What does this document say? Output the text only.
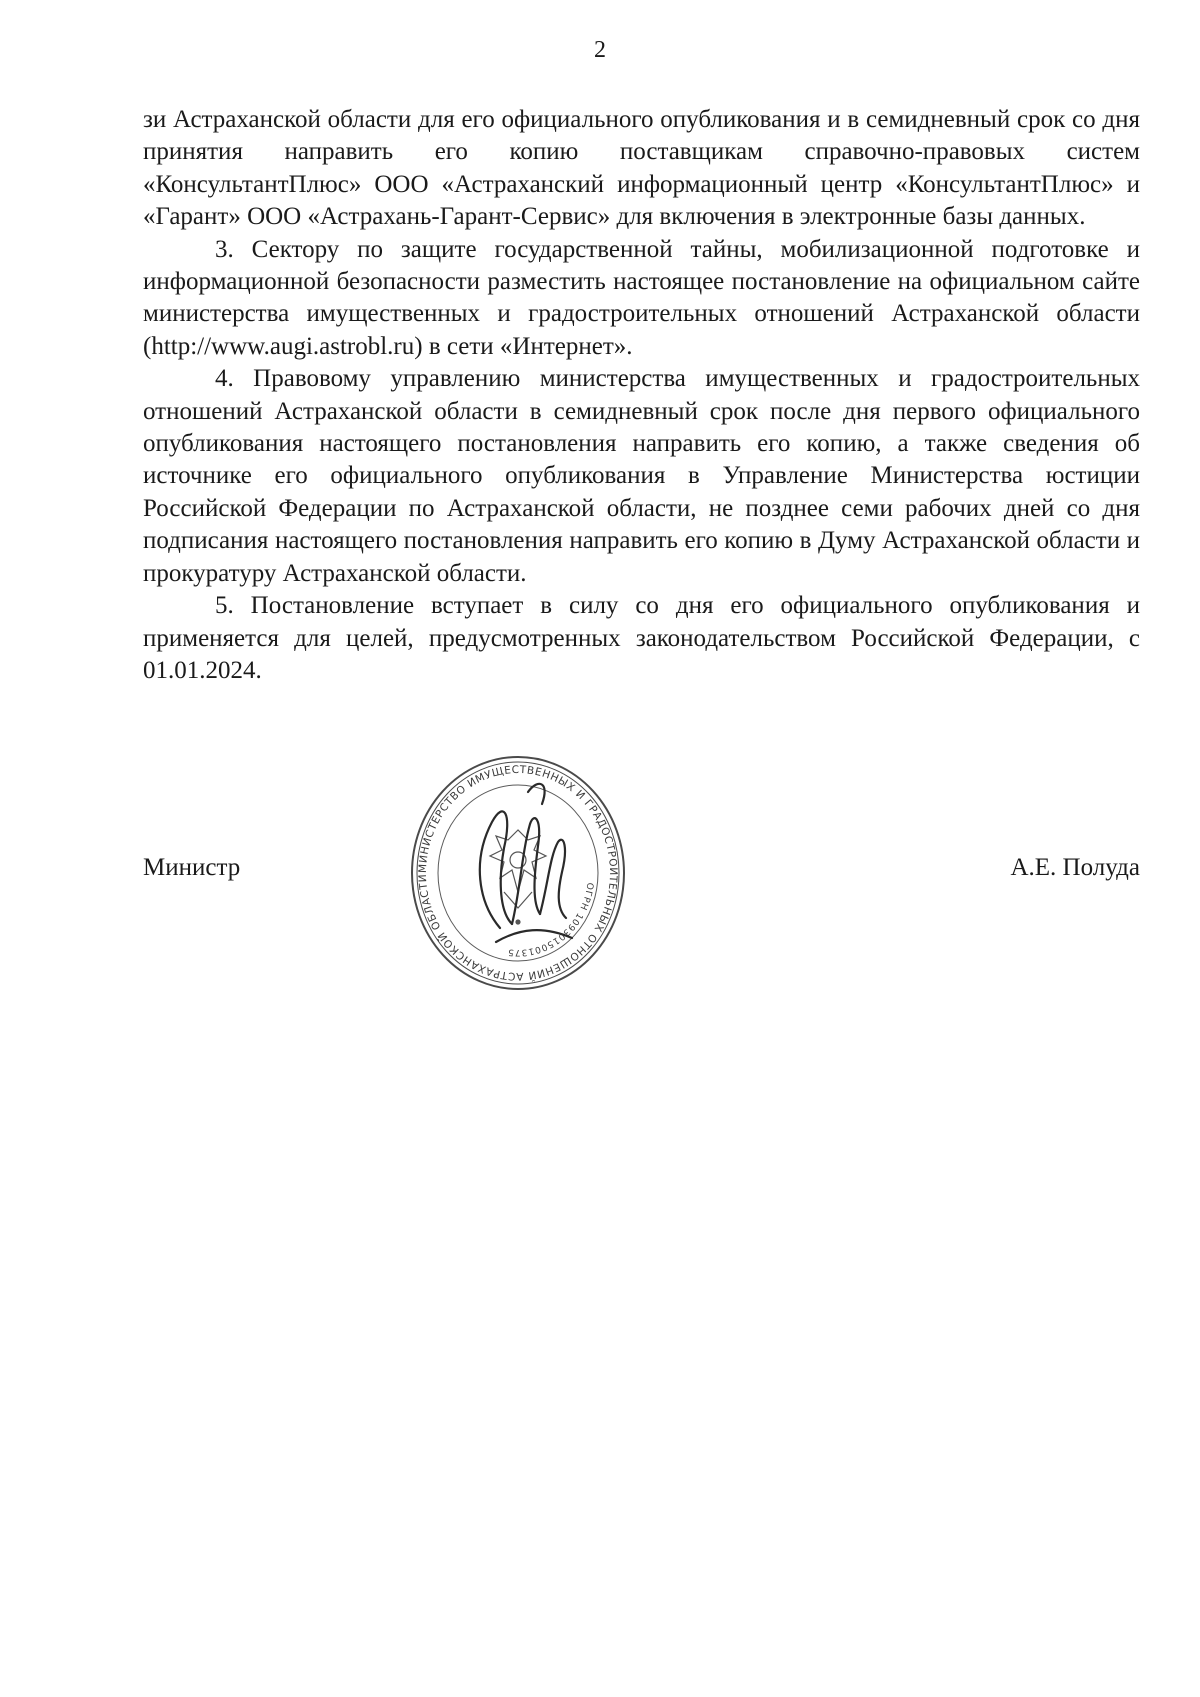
2

зи Астраханской области для его официального опубликования и в семидневный срок со дня принятия направить его копию поставщикам справочно-правовых систем «КонсультантПлюс» ООО «Астраханский информационный центр «КонсультантПлюс» и «Гарант» ООО «Астрахань-Гарант-Сервис» для включения в электронные базы данных.

3. Сектору по защите государственной тайны, мобилизационной подготовке и информационной безопасности разместить настоящее постановление на официальном сайте министерства имущественных и градостроительных отношений Астраханской области (http://www.augi.astrobl.ru) в сети «Интернет».

4. Правовому управлению министерства имущественных и градостроительных отношений Астраханской области в семидневный срок после дня первого официального опубликования настоящего постановления направить его копию, а также сведения об источнике его официального опубликования в Управление Министерства юстиции Российской Федерации по Астраханской области, не позднее семи рабочих дней со дня подписания настоящего постановления направить его копию в Думу Астраханской области и прокуратуру Астраханской области.

5. Постановление вступает в силу со дня его официального опубликования и применяется для целей, предусмотренных законодательством Российской Федерации, с 01.01.2024.

Министр	А.Е. Полуда
МИНИСТЕРСТВО ИМУЩЕСТВЕННЫХ И ГРАДОСТРОИТЕЛЬНЫХ ОТНОШЕНИЙ АСТРАХАНСКОЙ ОБЛАСТИ
ОГРН 1093015001375
